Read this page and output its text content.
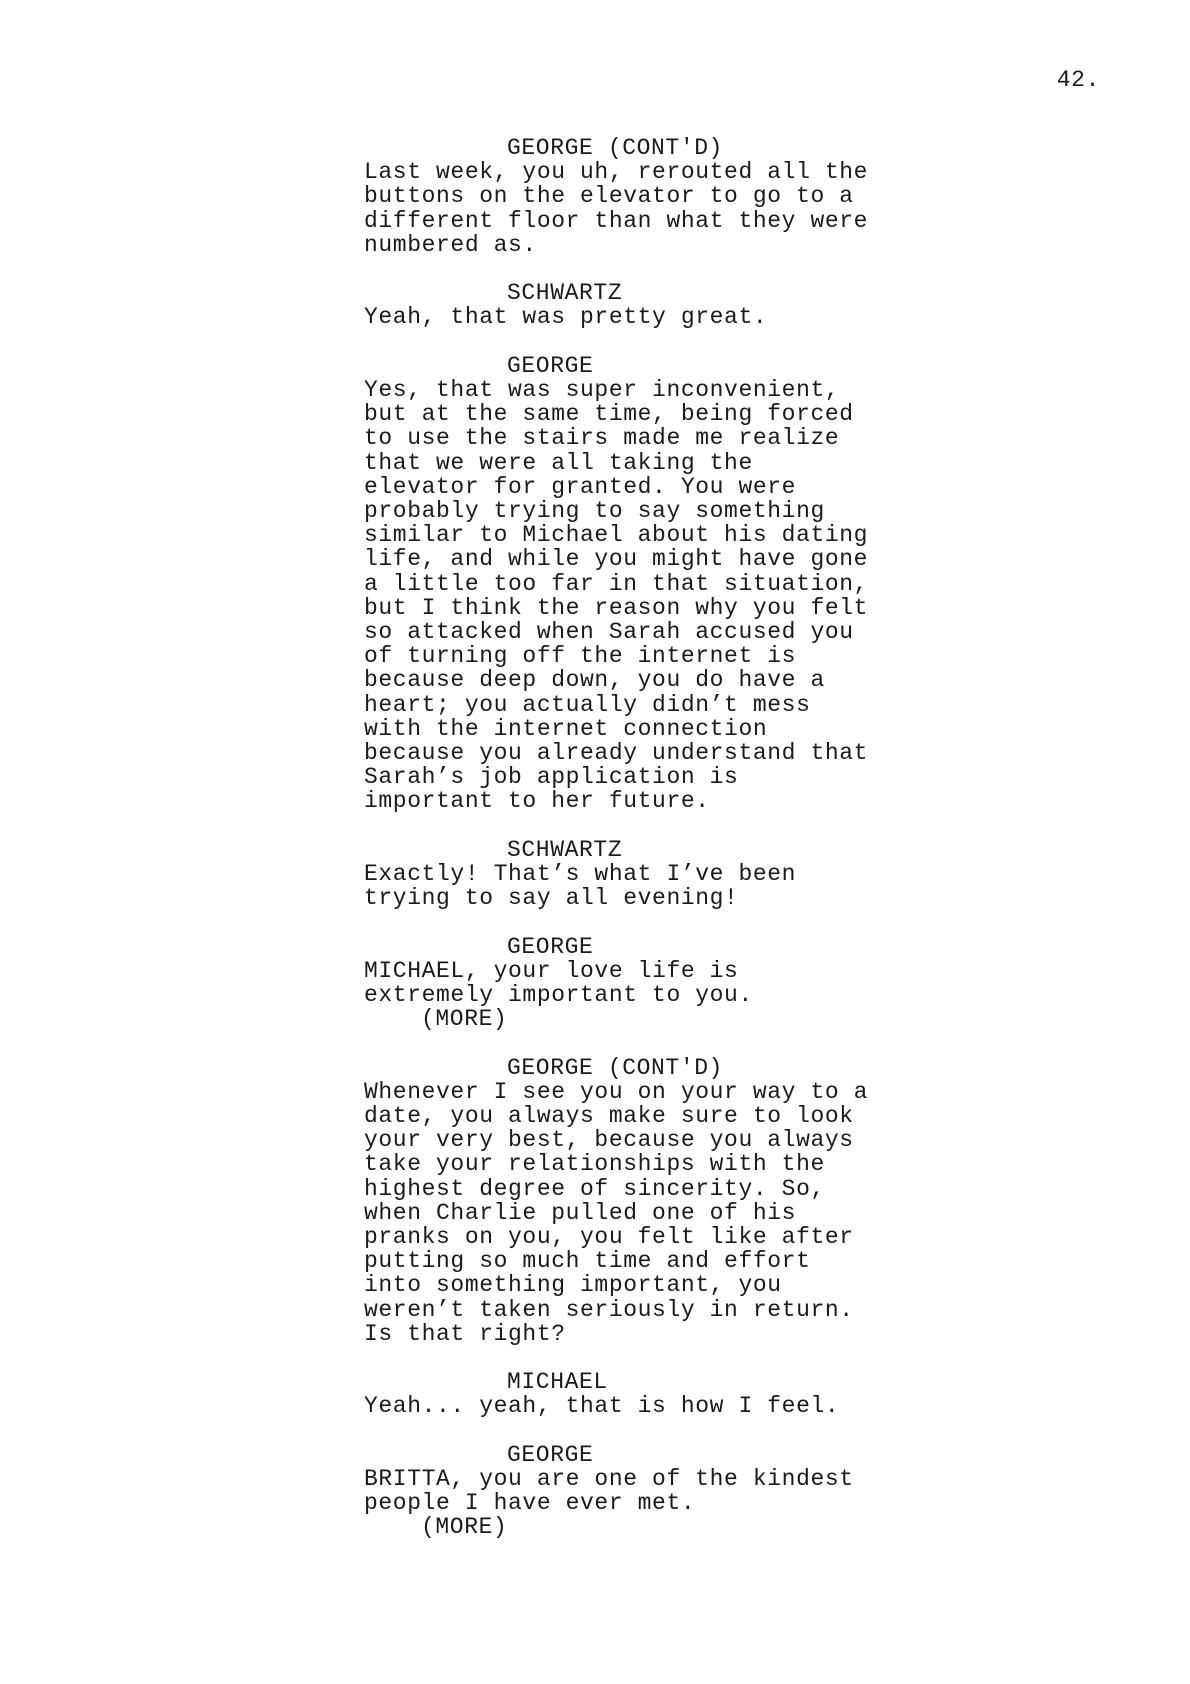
42.
GEORGE (CONT'D)
Last week, you uh, rerouted all the
buttons on the elevator to go to a
different floor than what they were
numbered as.
SCHWARTZ
Yeah, that was pretty great.
GEORGE
Yes, that was super inconvenient,
but at the same time, being forced
to use the stairs made me realize
that we were all taking the
elevator for granted. You were
probably trying to say something
similar to Michael about his dating
life, and while you might have gone
a little too far in that situation,
but I think the reason why you felt
so attacked when Sarah accused you
of turning off the internet is
because deep down, you do have a
heart; you actually didn’t mess
with the internet connection
because you already understand that
Sarah’s job application is
important to her future.
SCHWARTZ
Exactly! That’s what I’ve been
trying to say all evening!
GEORGE
MICHAEL, your love life is
extremely important to you.
(MORE)
GEORGE (CONT'D)
Whenever I see you on your way to a
date, you always make sure to look
your very best, because you always
take your relationships with the
highest degree of sincerity. So,
when Charlie pulled one of his
pranks on you, you felt like after
putting so much time and effort
into something important, you
weren’t taken seriously in return.
Is that right?
MICHAEL
Yeah... yeah, that is how I feel.
GEORGE
BRITTA, you are one of the kindest
people I have ever met.
(MORE)
